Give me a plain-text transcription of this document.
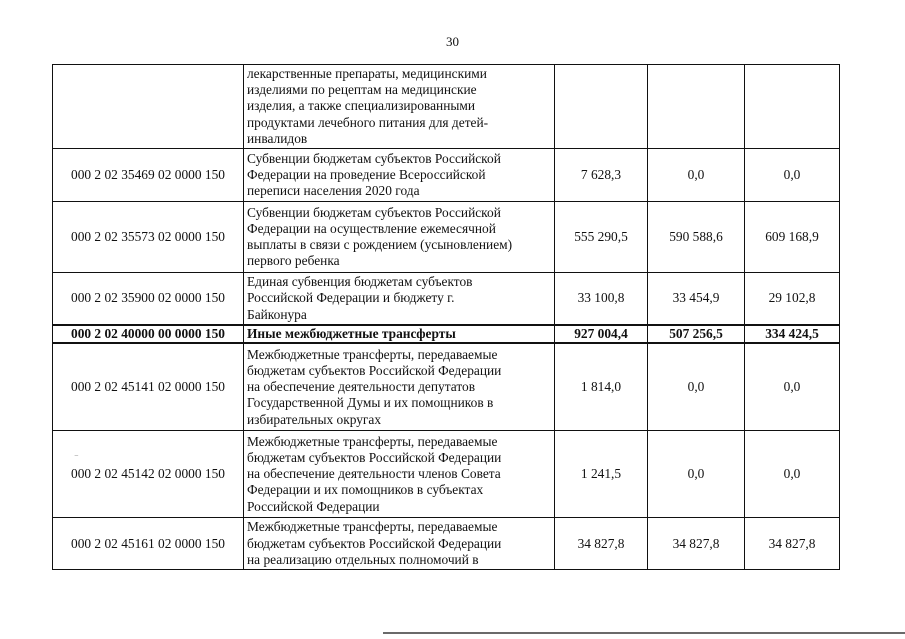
30

	лекарственные препараты, медицинскими
изделиями по рецептам на медицинские
изделия, а также специализированными
продуктами лечебного питания для детей-
инвалидов			

000 2 02 35469 02 0000 150	Субвенции бюджетам субъектов Российской
Федерации на проведение Всероссийской
переписи населения 2020 года	7 628,3	0,0	0,0
000 2 02 35573 02 0000 150	Субвенции бюджетам субъектов Российской
Федерации на осуществление ежемесячной
выплаты в связи с рождением (усыновлением)
первого ребенка	555 290,5	590 588,6	609 168,9
000 2 02 35900 02 0000 150	Единая субвенция бюджетам субъектов
Российской Федерации и бюджету г.
Байконура	33 100,8	33 454,9	29 102,8
000 2 02 40000 00 0000 150	Иные межбюджетные трансферты	927 004,4	507 256,5	334 424,5
000 2 02 45141 02 0000 150	Межбюджетные трансферты, передаваемые
бюджетам субъектов Российской Федерации
на обеспечение деятельности депутатов
Государственной Думы и их помощников в
избирательных округах	1 814,0	0,0	0,0
000 2 02 45142 02 0000 150	Межбюджетные трансферты, передаваемые
бюджетам субъектов Российской Федерации
на обеспечение деятельности членов Совета
Федерации и их помощников в субъектах
Российской Федерации	1 241,5	0,0	0,0
000 2 02 45161 02 0000 150	Межбюджетные трансферты, передаваемые
бюджетам субъектов Российской Федерации
на реализацию отдельных полномочий в	34 827,8	34 827,8	34 827,8
⁻
